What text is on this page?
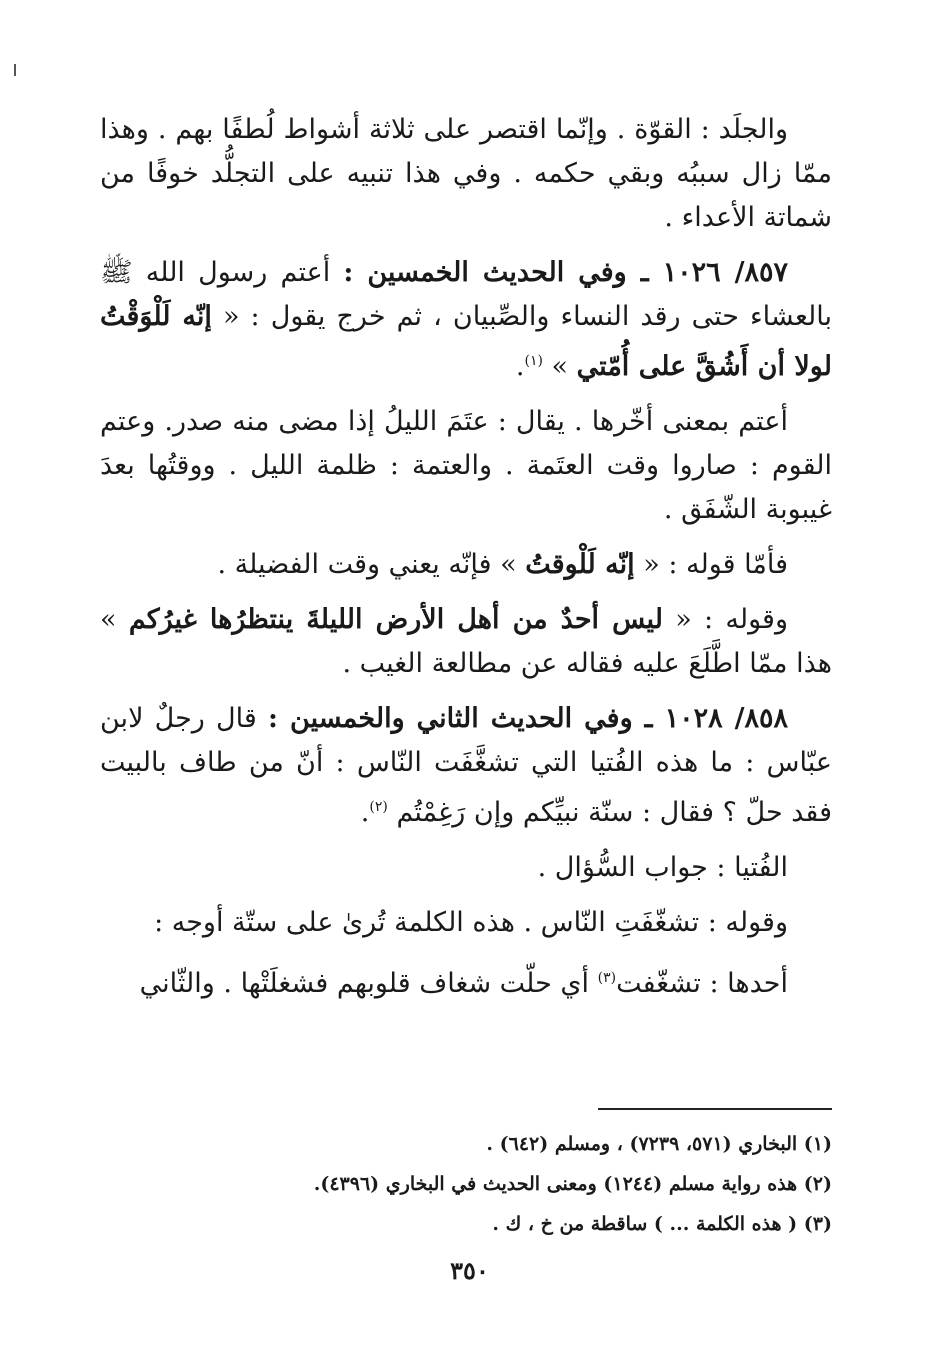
والجلَد : القوّة . وإنّما اقتصر على ثلاثة أشواط لُطفًا بهم . وهذا ممّا زال سببُه وبقي حكمه . وفي هذا تنبيه على التجلُّد خوفًا من شماتة الأعداء .

٨٥٧/ ١٠٢٦ ـ وفي الحديث الخمسين : أعتم رسول الله ﷺ بالعشاء حتى رقد النساء والصِّبيان ، ثم خرج يقول : « إنّه لَلْوَقْتُ لولا أن أَشُقَّ على أُمّتي » $^{(١)}$.

أعتم بمعنى أخّرها . يقال : عتَمَ الليلُ إذا مضى منه صدر. وعتم القوم : صاروا وقت العتَمة . والعتمة : ظلمة الليل . ووقتُها بعدَ غيبوبة الشّفَق .

فأمّا قوله : « إنّه لَلْوقتُ » فإنّه يعني وقت الفضيلة .

وقوله : « ليس أحدٌ من أهل الأرض الليلةَ ينتظرُها غيرُكم » هذا ممّا اطَّلَعَ عليه فقاله عن مطالعة الغيب .

٨٥٨/ ١٠٢٨ ـ وفي الحديث الثاني والخمسين : قال رجلٌ لابن عبّاس : ما هذه الفُتيا التي تشغَّفَت النّاس : أنّ من طاف بالبيت فقد حلّ ؟ فقال : سنّة نبيِّكم وإن رَغِمْتُم $^{(٢)}$.

الفُتيا : جواب السُّؤال .

وقوله : تشغّفَتِ النّاس . هذه الكلمة تُرىٰ على ستّة أوجه :

أحدها : تشغّفت$^{(٣)}$ أي حلّت شغاف قلوبهم فشغلَتْها . والثّاني

(١) البخاري (٥٧١، ٧٢٣٩) ، ومسلم (٦٤٢) .
(٢) هذه رواية مسلم (١٢٤٤) ومعنى الحديث في البخاري (٤٣٩٦).
(٣) ( هذه الكلمة ... ) ساقطة من خ ، ك .
٣٥٠
